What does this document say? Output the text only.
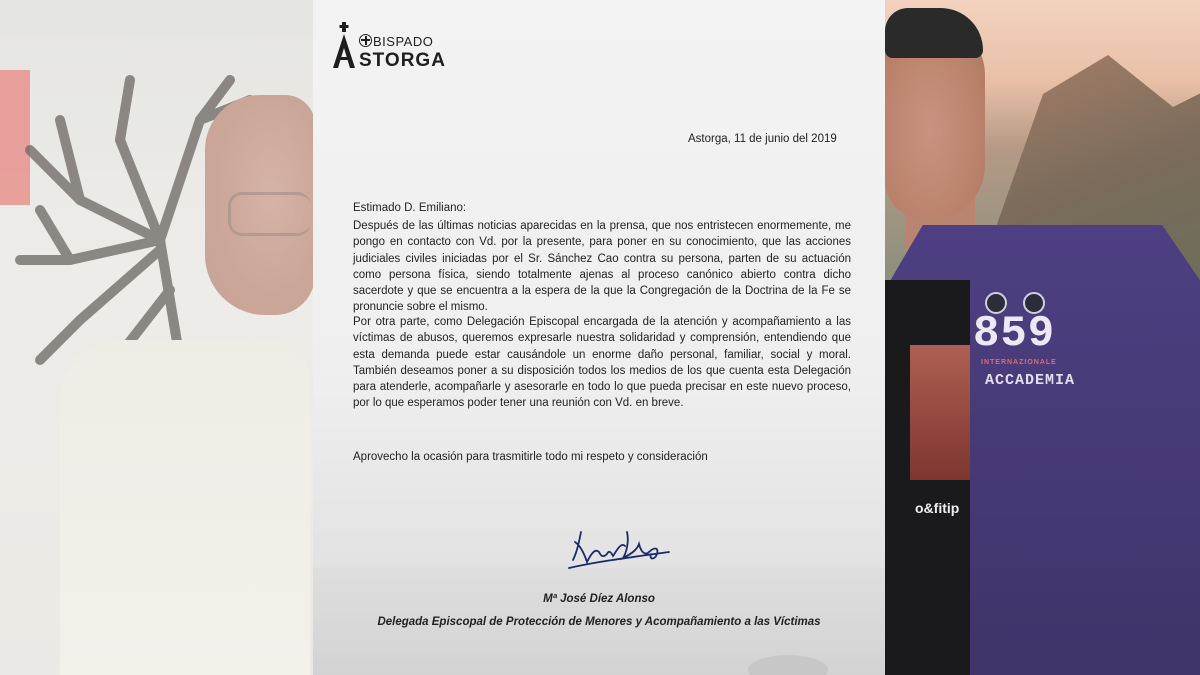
BISPADO
STORGA
Astorga, 11 de junio del 2019
Estimado D. Emiliano:

Después de las últimas noticias aparecidas en la prensa, que nos entristecen enormemente, me pongo en contacto con Vd. por la presente, para poner en su conocimiento, que las acciones judiciales civiles iniciadas por el Sr. Sánchez Cao contra su persona, parten de su actuación como persona física, siendo totalmente ajenas al proceso canónico abierto contra dicho sacerdote y que se encuentra a la espera de la que la Congregación de la Doctrina de la Fe se pronuncie sobre el mismo.

Por otra parte, como Delegación Episcopal encargada de la atención y acompañamiento a las víctimas de abusos, queremos expresarle nuestra solidaridad y comprensión, entendiendo que esta demanda puede estar causándole un enorme daño personal, familiar, social y moral. También deseamos poner a su disposición todos los medios de los que cuenta esta Delegación para atenderle, acompañarle y asesorarle en todo lo que pueda precisar en este nuevo proceso, por lo que esperamos poder tener una reunión con Vd. en breve.

Aprovecho la ocasión para trasmitirle todo mi respeto y consideración
Mª José Díez Alonso
Delegada Episcopal de Protección de Menores y Acompañamiento a las Víctimas
o&fitip
859
INTERNAZIONALE
ACCADEMIA
